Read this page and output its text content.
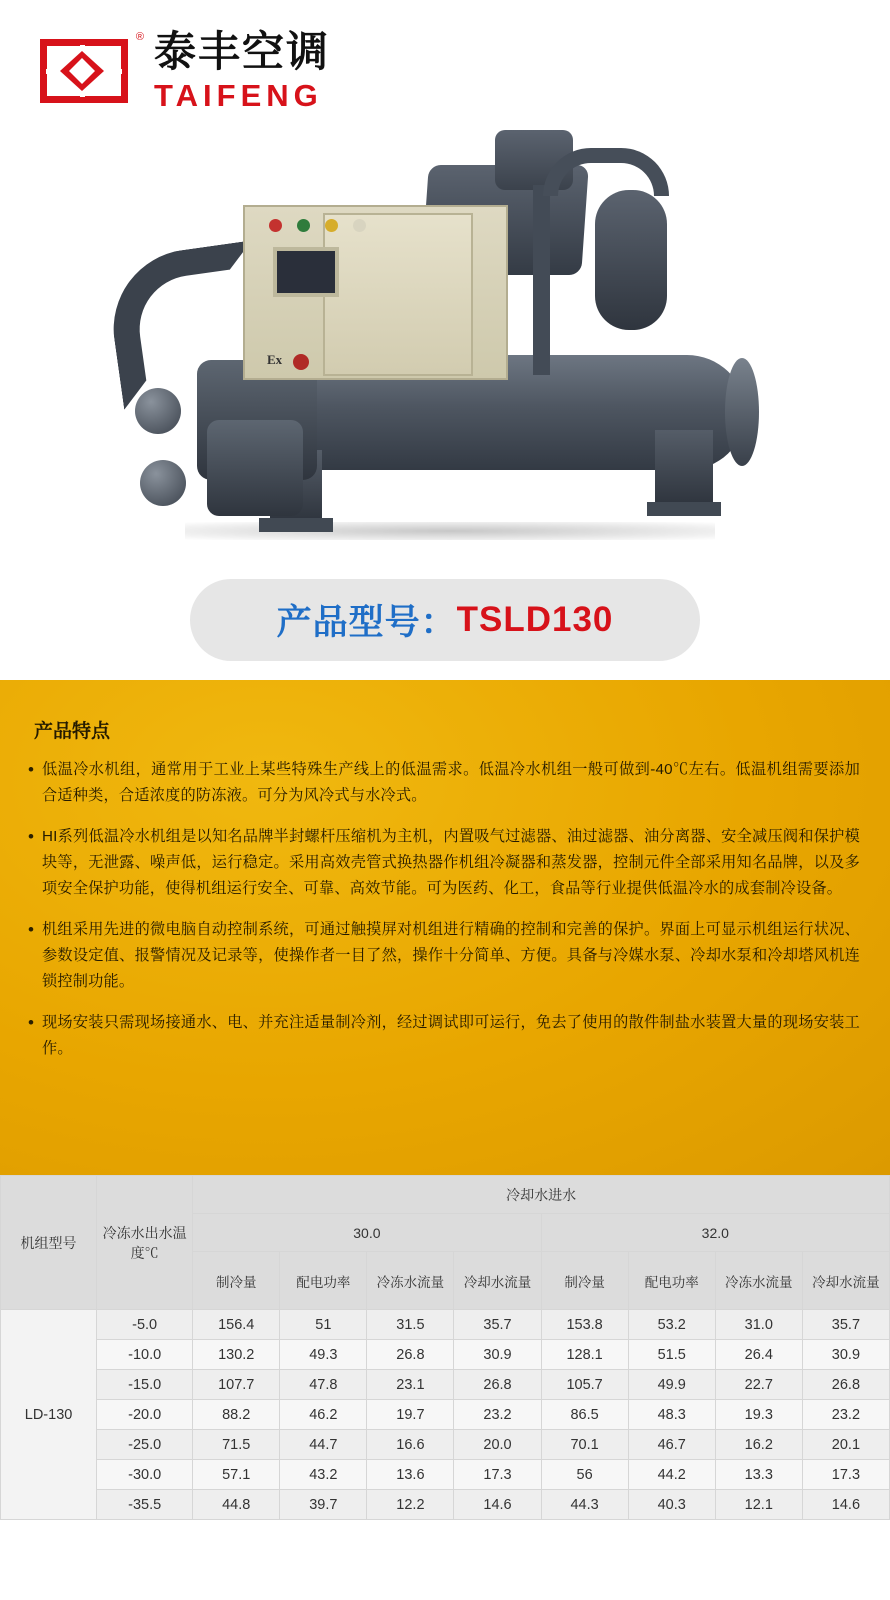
® 泰丰空调
TAIFENG
Ex
产品型号： TSLD130
产品特点
• 低温冷水机组，通常用于工业上某些特殊生产线上的低温需求。低温冷水机组一般可做到-40℃左右。低温机组需要添加合适种类，合适浓度的防冻液。可分为风冷式与水冷式。
• HI系列低温冷水机组是以知名品牌半封螺杆压缩机为主机，内置吸气过滤器、油过滤器、油分离器、安全减压阀和保护模块等，无泄露、噪声低，运行稳定。采用高效壳管式换热器作机组冷凝器和蒸发器，控制元件全部采用知名品牌，以及多项安全保护功能，使得机组运行安全、可靠、高效节能。可为医药、化工，食品等行业提供低温冷水的成套制冷设备。
• 机组采用先进的微电脑自动控制系统，可通过触摸屏对机组进行精确的控制和完善的保护。界面上可显示机组运行状况、参数设定值、报警情况及记录等，使操作者一目了然，操作十分简单、方便。具备与冷媒水泵、冷却水泵和冷却塔风机连锁控制功能。
• 现场安装只需现场接通水、电、并充注适量制冷剂，经过调试即可运行，免去了使用的散件制盐水装置大量的现场安装工作。
机组型号	冷冻水出水温度℃	冷却水进水							
		30.0				32.0			
		制冷量	配电功率	冷冻水流量	冷却水流量	制冷量	配电功率	冷冻水流量	冷却水流量
LD-130	-5.0	156.4	51	31.5	35.7	153.8	53.2	31.0	35.7
	-10.0	130.2	49.3	26.8	30.9	128.1	51.5	26.4	30.9
	-15.0	107.7	47.8	23.1	26.8	105.7	49.9	22.7	26.8
	-20.0	88.2	46.2	19.7	23.2	86.5	48.3	19.3	23.2
	-25.0	71.5	44.7	16.6	20.0	70.1	46.7	16.2	20.1
	-30.0	57.1	43.2	13.6	17.3	56	44.2	13.3	17.3
	-35.5	44.8	39.7	12.2	14.6	44.3	40.3	12.1	14.6
